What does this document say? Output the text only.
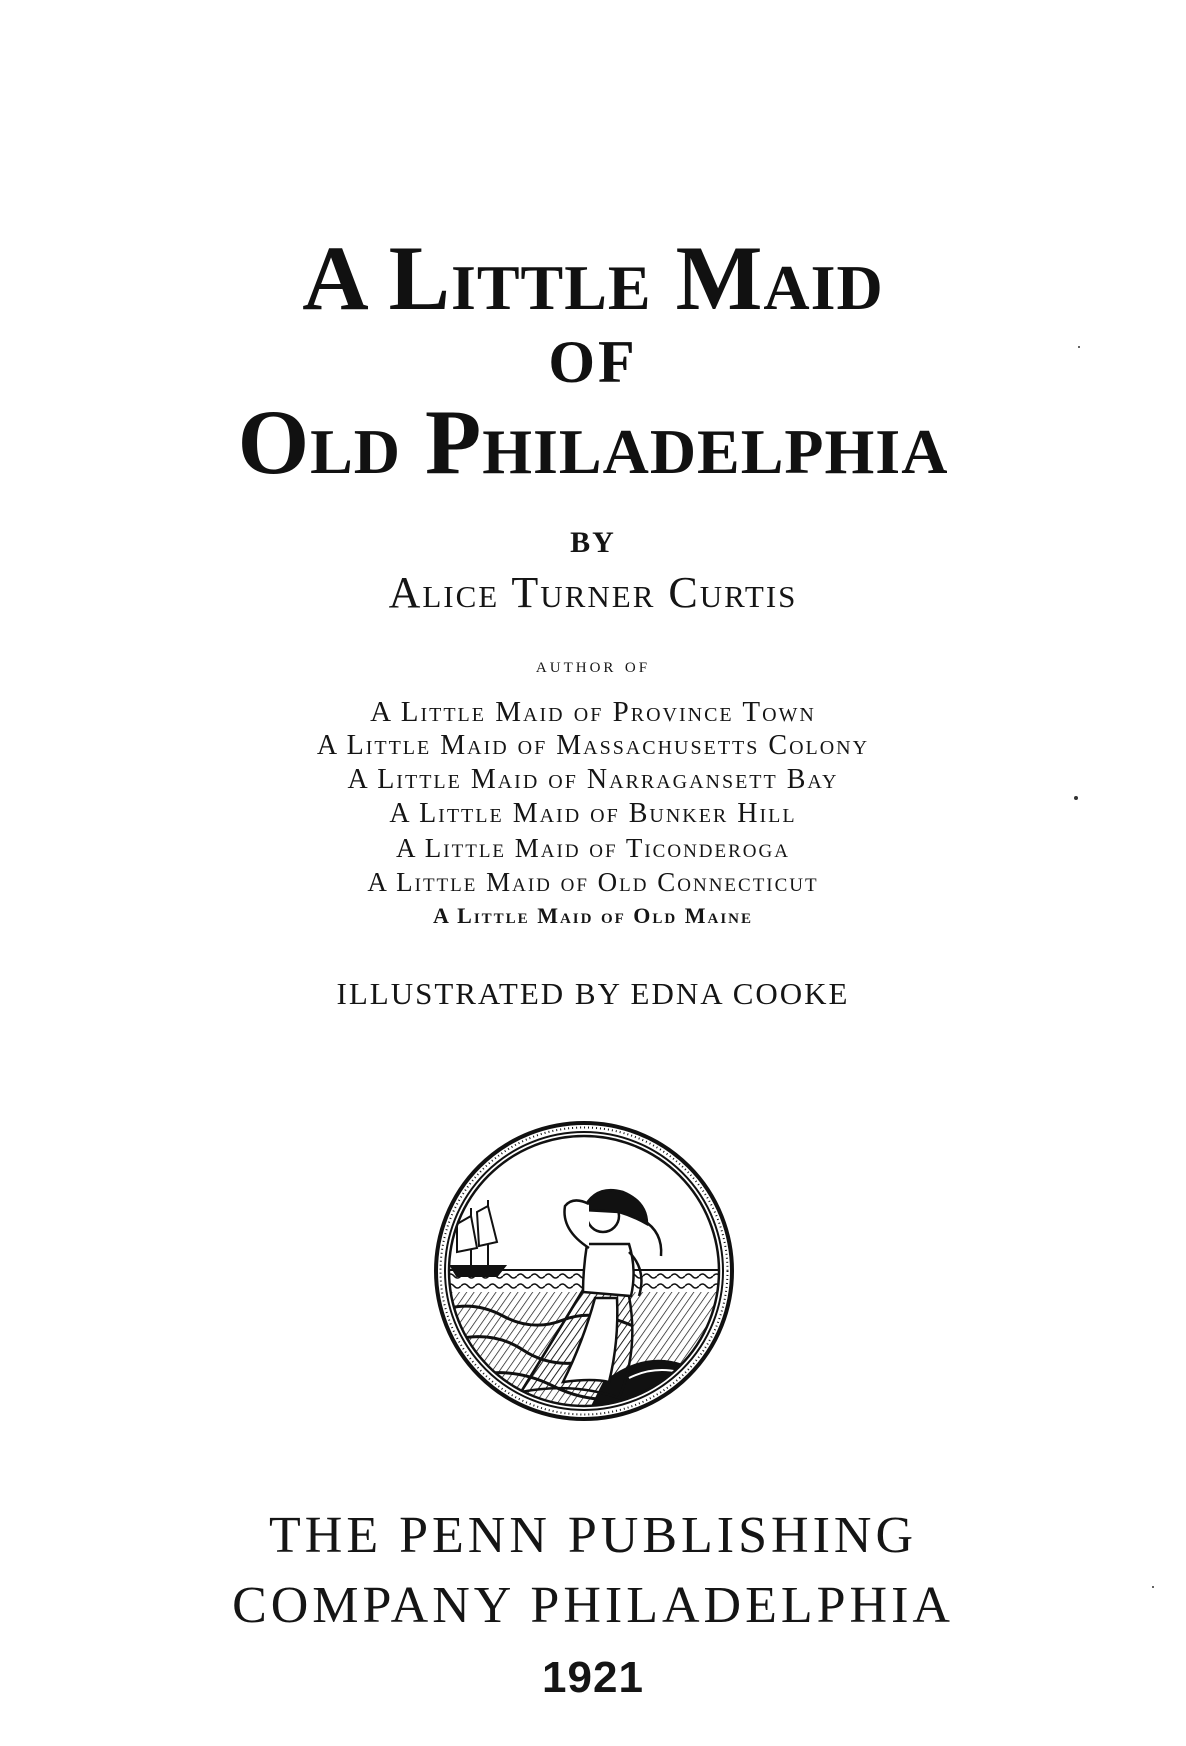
A Little Maid
OF
Old Philadelphia
BY
Alice Turner Curtis
author of
A Little Maid of Province Town
A Little Maid of Massachusetts Colony
A Little Maid of Narragansett Bay
A Little Maid of Bunker Hill
A Little Maid of Ticonderoga
A Little Maid of Old Connecticut
A Little Maid of Old Maine
ILLUSTRATED BY EDNA COOKE
THE PENN PUBLISHING
COMPANY PHILADELPHIA
1921
